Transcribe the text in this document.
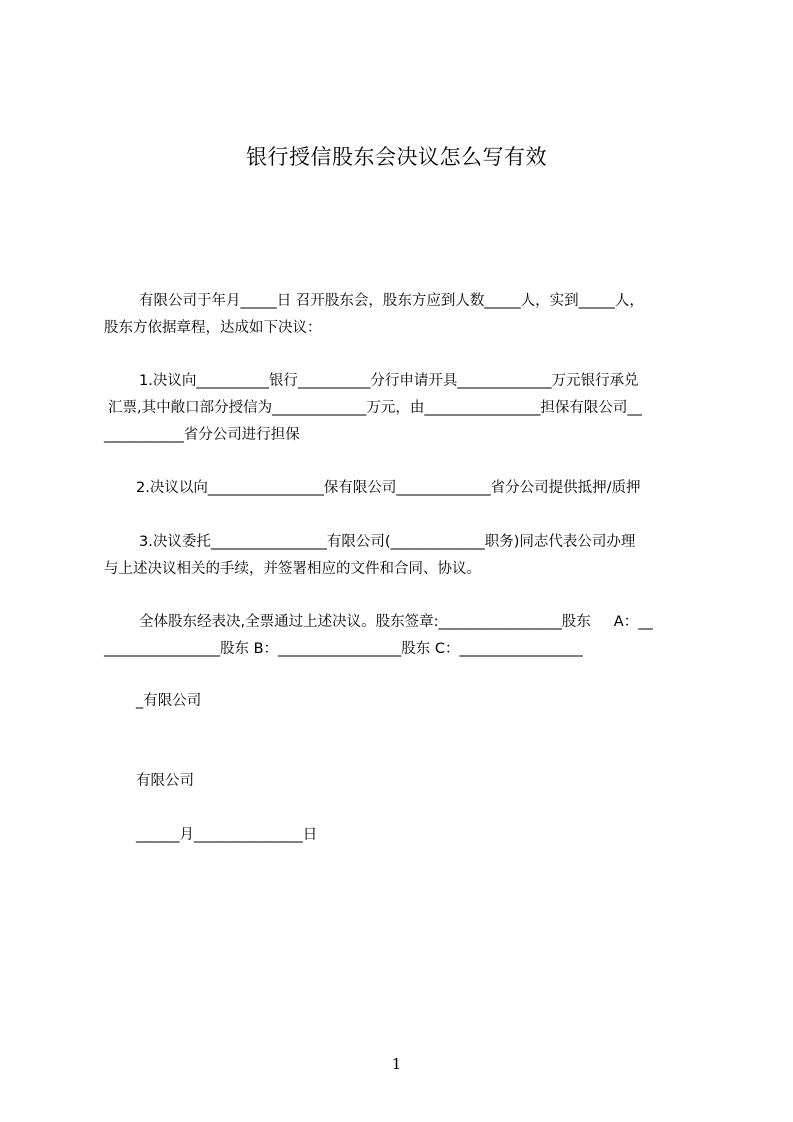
银行授信股东会决议怎么写有效
有限公司于年月_____日 召开股东会，股东方应到人数_____人，实到_____人，
股东方依据章程，达成如下决议：
1.决议向__________银行__________分行申请开具_____________万元银行承兑
汇票,其中敞口部分授信为_____________万元，由________________担保有限公司__
___________省分公司进行担保
2.决议以向________________保有限公司_____________省分公司提供抵押/质押
3.决议委托________________有限公司(_____________职务)同志代表公司办理
与上述决议相关的手续，并签署相应的文件和合同、协议。
全体股东经表决,全票通过上述决议。股东签章:_________________股东     A：__
________________股东 B：_________________股东 C：_________________
_有限公司
有限公司
______月_______________日
1
